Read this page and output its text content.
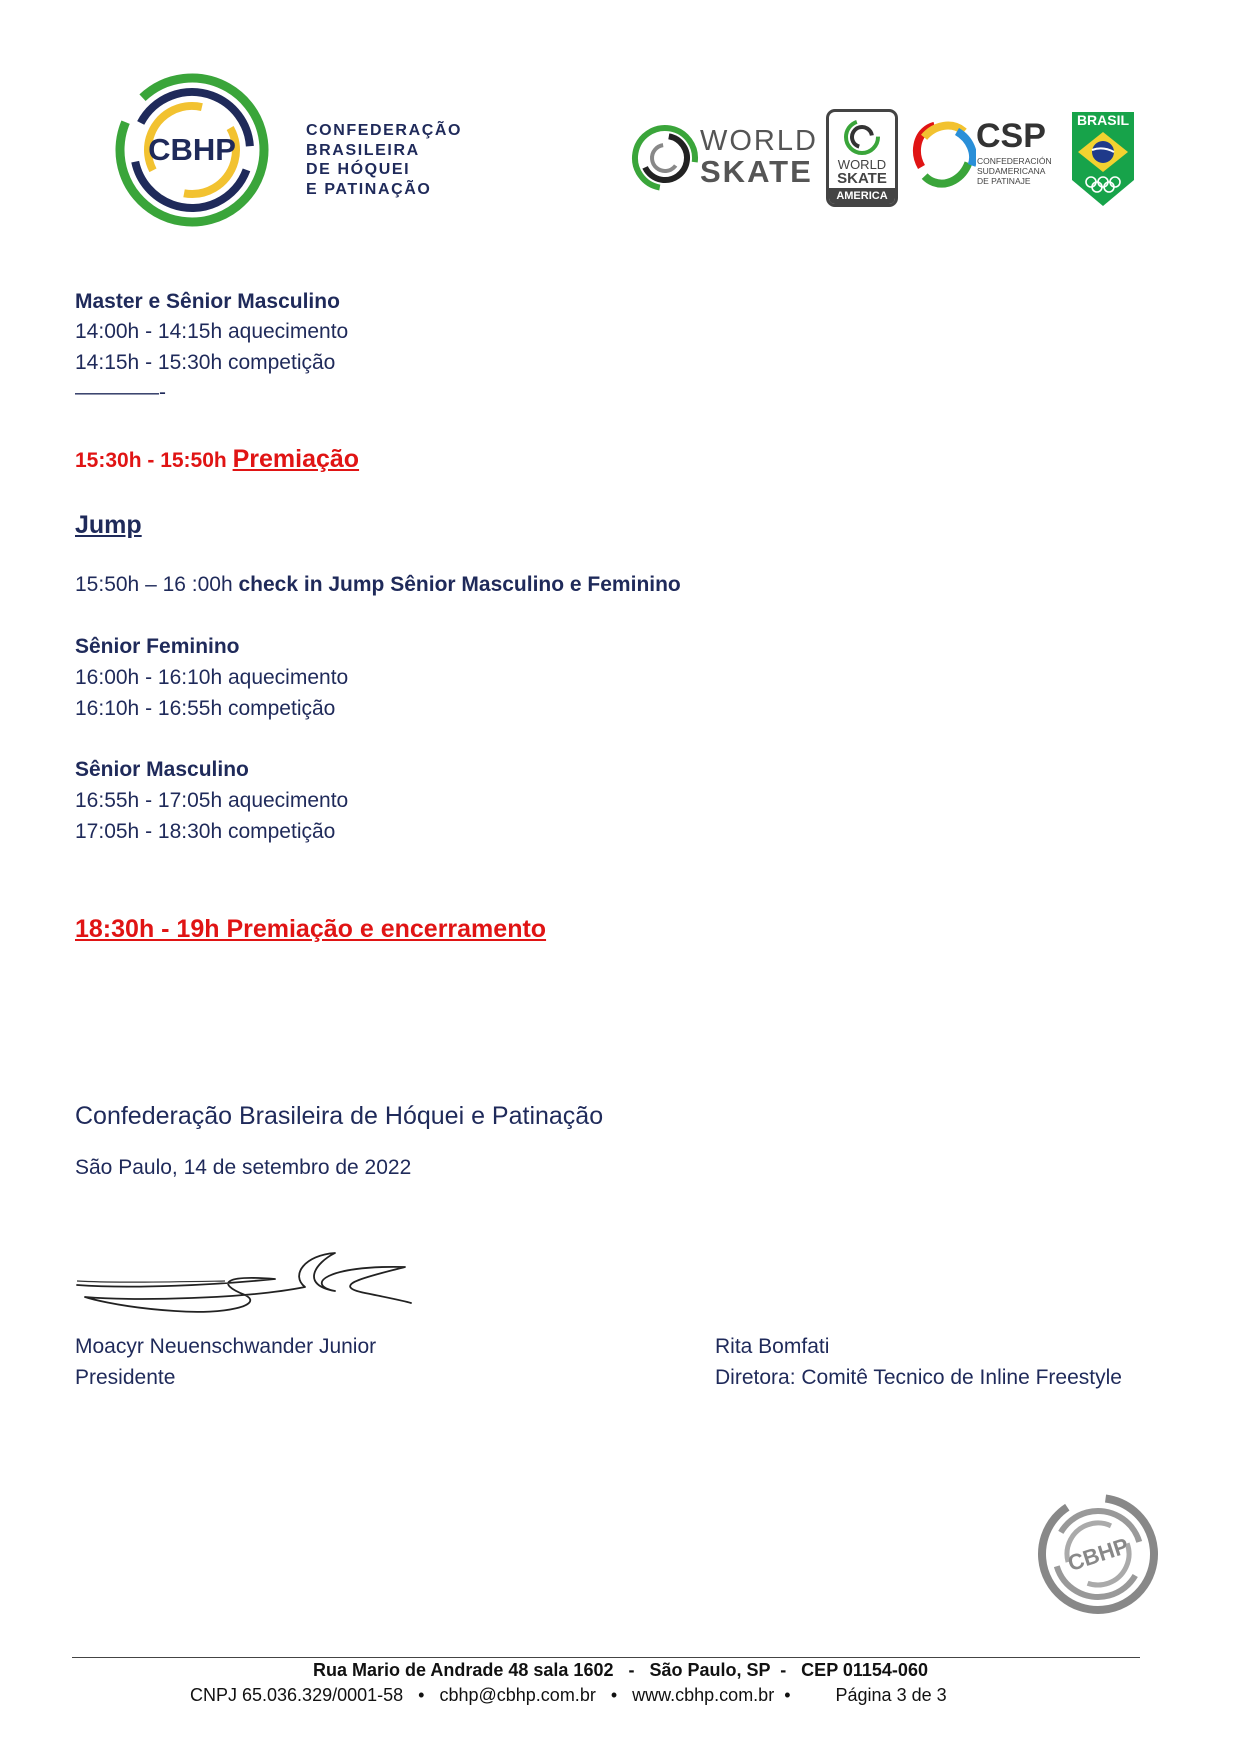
CBHP
CONFEDERAÇÃO
BRASILEIRA
DE HÓQUEI
E PATINAÇÃO
WORLD
SKATE	WORLD
SKATE
AMERICA
CSP
CONFEDERACIÓN
SUDAMERICANA
DE PATINAJE
BRASIL
Master e Sênior Masculino
14:00h - 14:15h aquecimento
14:15h - 15:30h competição
————-
15:30h - 15:50h Premiação
Jump
15:50h – 16 :00h check in Jump Sênior Masculino e Feminino
Sênior Feminino
16:00h - 16:10h aquecimento
16:10h - 16:55h competição
Sênior Masculino
16:55h - 17:05h aquecimento
17:05h - 18:30h competição
18:30h - 19h Premiação e encerramento
Confederação Brasileira de Hóquei e Patinação
São Paulo, 14 de setembro de 2022
Moacyr Neuenschwander Junior
Presidente
Rita Bomfati
Diretora: Comitê Tecnico de Inline Freestyle
CBHP
Rua Mario de Andrade 48 sala 1602   -   São Paulo, SP  -   CEP 01154-060
CNPJ 65.036.329/0001-58   •   cbhp@cbhp.com.br   •   www.cbhp.com.br  •         Página 3 de 3
